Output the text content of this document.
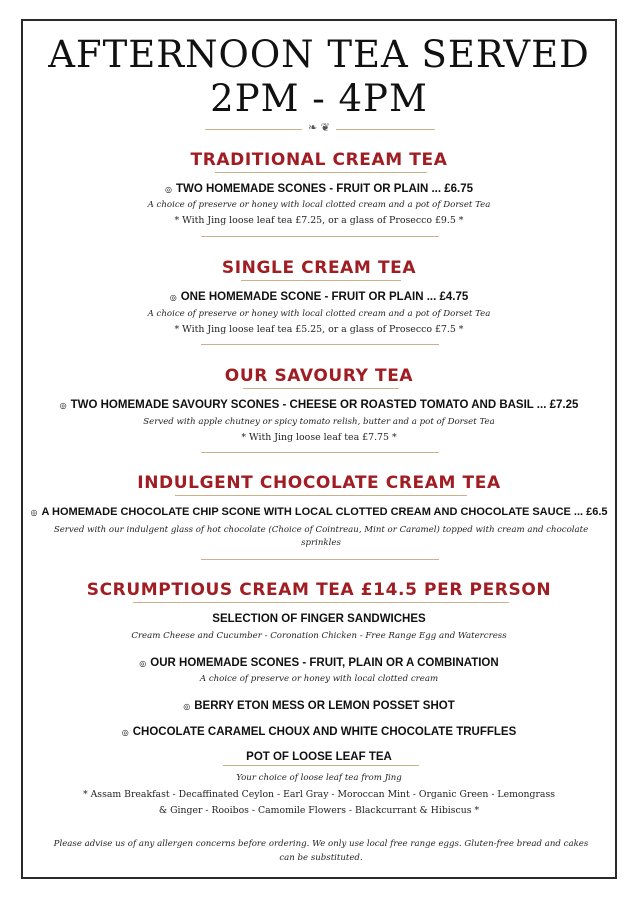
AFTERNOON TEA SERVED
2PM - 4PM
❧ ❦
TRADITIONAL CREAM TEA
◎ TWO HOMEMADE SCONES - FRUIT OR PLAIN ... £6.75
A choice of preserve or honey with local clotted cream and a pot of Dorset Tea
* With Jing loose leaf tea £7.25, or a glass of Prosecco £9.5 *
SINGLE CREAM TEA
◎ ONE HOMEMADE SCONE - FRUIT OR PLAIN ... £4.75
A choice of preserve or honey with local clotted cream and a pot of Dorset Tea
* With Jing loose leaf tea £5.25, or a glass of Prosecco £7.5 *
OUR SAVOURY TEA
◎ TWO HOMEMADE SAVOURY SCONES - CHEESE OR ROASTED TOMATO AND BASIL ... £7.25
Served with apple chutney or spicy tomato relish, butter and a pot of Dorset Tea
* With Jing loose leaf tea £7.75 *
INDULGENT CHOCOLATE CREAM TEA
◎ A HOMEMADE CHOCOLATE CHIP SCONE WITH LOCAL CLOTTED CREAM AND CHOCOLATE SAUCE ... £6.5
Served with our indulgent glass of hot chocolate (Choice of Cointreau, Mint or Caramel) topped with cream and chocolate sprinkles
SCRUMPTIOUS CREAM TEA £14.5 PER PERSON
SELECTION OF FINGER SANDWICHES
Cream Cheese and Cucumber - Coronation Chicken - Free Range Egg and Watercress
◎ OUR HOMEMADE SCONES - FRUIT, PLAIN OR A COMBINATION
A choice of preserve or honey with local clotted cream
◎ BERRY ETON MESS OR LEMON POSSET SHOT
◎ CHOCOLATE CARAMEL CHOUX AND WHITE CHOCOLATE TRUFFLES
POT OF LOOSE LEAF TEA
Your choice of loose leaf tea from Jing
* Assam Breakfast - Decaffinated Ceylon - Earl Gray - Moroccan Mint - Organic Green - Lemongrass
& Ginger - Rooibos - Camomile Flowers - Blackcurrant & Hibiscus *
Please advise us of any allergen concerns before ordering. We only use local free range eggs. Gluten-free bread and cakes can be substituted.
